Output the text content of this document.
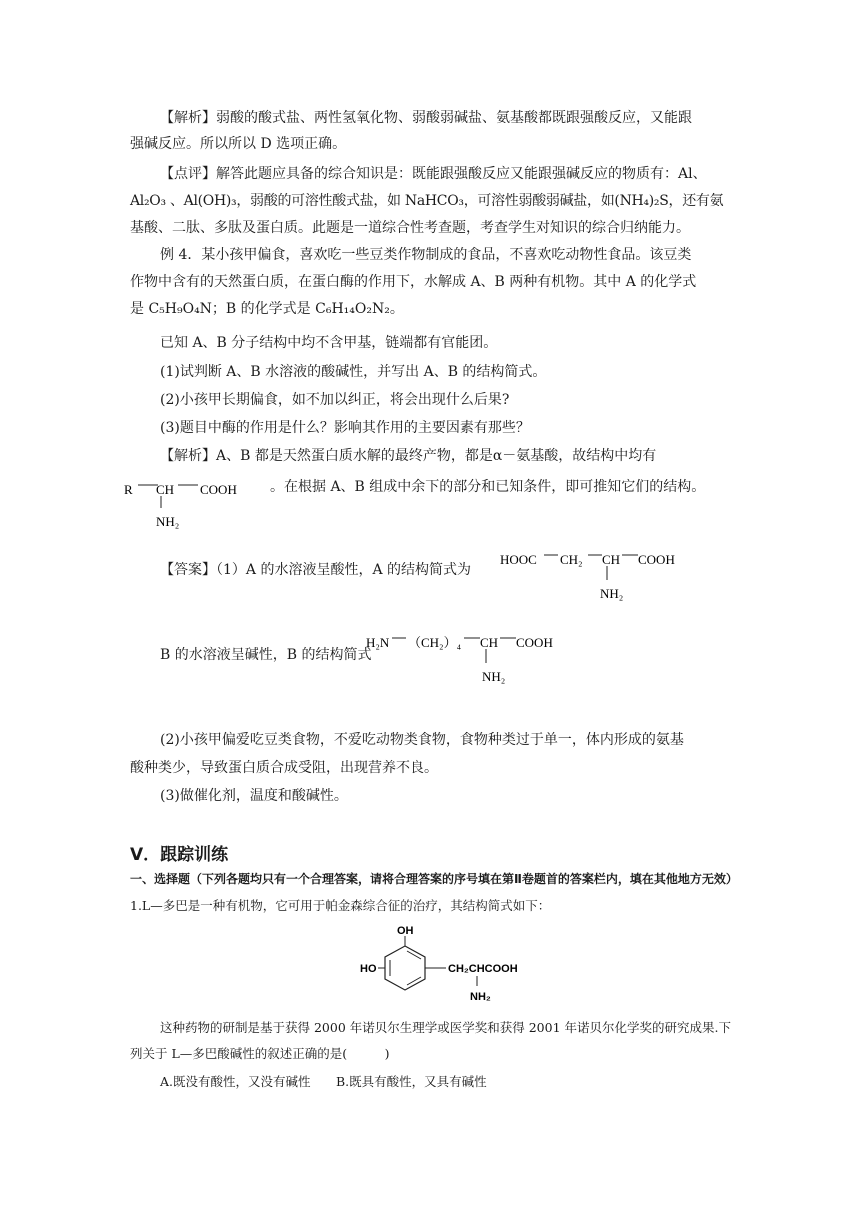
【解析】弱酸的酸式盐、两性氢氧化物、弱酸弱碱盐、氨基酸都既跟强酸反应，又能跟
强碱反应。所以所以 D 选项正确。
【点评】解答此题应具备的综合知识是：既能跟强酸反应又能跟强碱反应的物质有：Al、
Al₂O₃ 、Al(OH)₃，弱酸的可溶性酸式盐，如 NaHCO₃，可溶性弱酸弱碱盐，如(NH₄)₂S，还有氨
基酸、二肽、多肽及蛋白质。此题是一道综合性考查题，考查学生对知识的综合归纳能力。
例 4．某小孩甲偏食，喜欢吃一些豆类作物制成的食品，不喜欢吃动物性食品。该豆类
作物中含有的天然蛋白质，在蛋白酶的作用下，水解成 A、B 两种有机物。其中 A 的化学式
是 C₅H₉O₄N；B 的化学式是 C₆H₁₄O₂N₂。
已知 A、B 分子结构中均不含甲基，链端都有官能团。
(1)试判断 A、B 水溶液的酸碱性，并写出 A、B 的结构简式。
(2)小孩甲长期偏食，如不加以纠正，将会出现什么后果?
(3)题目中酶的作用是什么？影响其作用的主要因素有那些？
【解析】A、B 都是天然蛋白质水解的最终产物，都是α－氨基酸，故结构中均有
R CH COOH
NH₂
。在根据 A、B 组成中余下的部分和已知条件，即可推知它们的结构。
【答案】（1）A 的水溶液呈酸性，A 的结构简式为
HOOC CH₂ CH COOH
NH₂
B 的水溶液呈碱性，B 的结构简式
H₂N （CH₂）₄ CH COOH
NH₂
(2)小孩甲偏爱吃豆类食物，不爱吃动物类食物，食物种类过于单一，体内形成的氨基
酸种类少，导致蛋白质合成受阻，出现营养不良。
(3)做催化剂，温度和酸碱性。
Ⅴ．跟踪训练
一、选择题（下列各题均只有一个合理答案，请将合理答案的序号填在第Ⅱ卷题首的答案栏内，填在其他地方无效）
1.L—多巴是一种有机物，它可用于帕金森综合征的治疗，其结构简式如下：
OH
HO	CH₂CHCOOH
NH₂
这种药物的研制是基于获得 2000 年诺贝尔生理学或医学奖和获得 2001 年诺贝尔化学奖的研究成果.下
列关于 L—多巴酸碱性的叙述正确的是(　　　)
A.既没有酸性，又没有碱性 B.既具有酸性，又具有碱性
